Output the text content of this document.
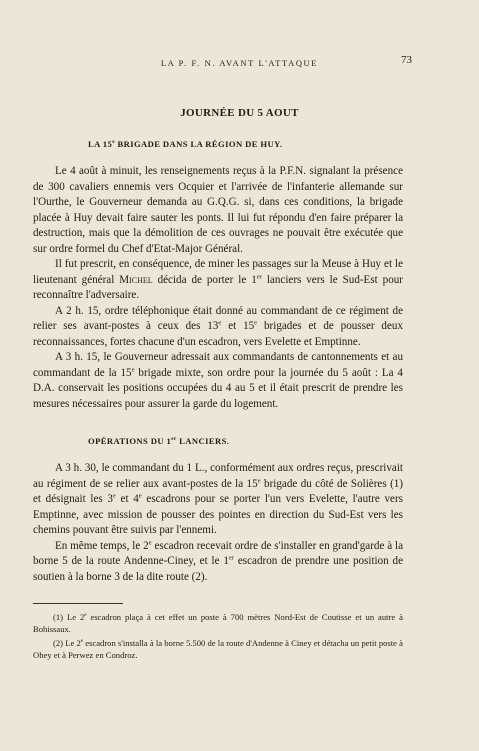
LA P. F. N. AVANT L'ATTAQUE	73
JOURNÉE DU 5 AOUT
LA 15e BRIGADE DANS LA RÉGION DE HUY.

Le 4 août à minuit, les renseignements reçus à la P.F.N. signalant la présence de 300 cavaliers ennemis vers Ocquier et l'arrivée de l'infanterie allemande sur l'Ourthe, le Gouverneur demanda au G.Q.G. si, dans ces conditions, la brigade placée à Huy devait faire sauter les ponts. Il lui fut répondu d'en faire préparer la destruction, mais que la démolition de ces ouvrages ne pouvait être exécutée que sur ordre formel du Chef d'Etat-Major Général.

Il fut prescrit, en conséquence, de miner les passages sur la Meuse à Huy et le lieutenant général Michel décida de porter le 1er lanciers vers le Sud-Est pour reconnaître l'adversaire.

A 2 h. 15, ordre téléphonique était donné au commandant de ce régiment de relier ses avant-postes à ceux des 13e et 15e brigades et de pousser deux reconnaissances, fortes chacune d'un escadron, vers Evelette et Emptinne.

A 3 h. 15, le Gouverneur adressait aux commandants de cantonnements et au commandant de la 15e brigade mixte, son ordre pour la journée du 5 août : La 4 D.A. conservait les positions occupées du 4 au 5 et il était prescrit de prendre les mesures nécessaires pour assurer la garde du logement.

OPÉRATIONS DU 1er LANCIERS.

A 3 h. 30, le commandant du 1 L., conformément aux ordres reçus, prescrivait au régiment de se relier aux avant-postes de la 15e brigade du côté de Solières (1) et désignait les 3e et 4e escadrons pour se porter l'un vers Evelette, l'autre vers Emptinne, avec mission de pousser des pointes en direction du Sud-Est vers les chemins pouvant être suivis par l'ennemi.

En même temps, le 2e escadron recevait ordre de s'installer en grand'garde à la borne 5 de la route Andenne-Ciney, et le 1er escadron de prendre une position de soutien à la borne 3 de la dite route (2).

(1) Le 2e escadron plaça à cet effet un poste à 700 mètres Nord-Est de Coutisse et un autre à Bohissaux.

(2) Le 2e escadron s'installa à la borne 5.500 de la route d'Andenne à Ciney et détacha un petit poste à Ohey et à Perwez en Condroz.
